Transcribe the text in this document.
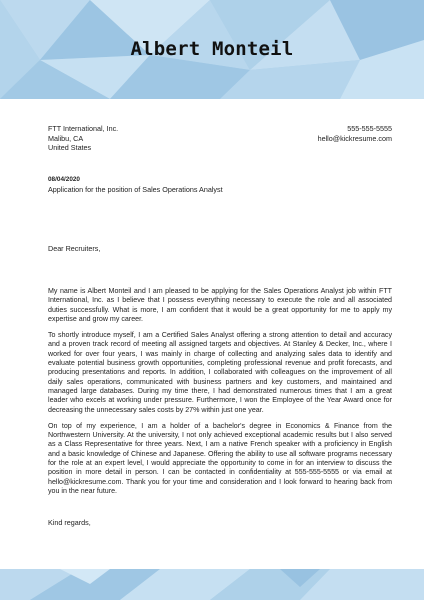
Albert Monteil
FTT International, Inc.
Malibu, CA
United States
555-555-5555
hello@kickresume.com
08/04/2020
Application for the position of Sales Operations Analyst
Dear Recruiters,

My name is Albert Monteil and I am pleased to be applying for the Sales Operations Analyst job within FTT International, Inc. as I believe that I possess everything necessary to execute the role and all associated duties successfully. What is more, I am confident that it would be a great opportunity for me to apply my expertise and grow my career.

To shortly introduce myself, I am a Certified Sales Analyst offering a strong attention to detail and accuracy and a proven track record of meeting all assigned targets and objectives. At Stanley & Decker, Inc., where I worked for over four years, I was mainly in charge of collecting and analyzing sales data to identify and evaluate potential business growth opportunities, completing professional revenue and profit forecasts, and producing presentations and reports. In addition, I collaborated with colleagues on the improvement of all daily sales operations, communicated with business partners and key customers, and maintained and managed large databases. During my time there, I had demonstrated numerous times that I am a great leader who excels at working under pressure. Furthermore, I won the Employee of the Year Award once for decreasing the unnecessary sales costs by 27% within just one year.

On top of my experience, I am a holder of a bachelor's degree in Economics & Finance from the Northwestern University. At the university, I not only achieved exceptional academic results but I also served as a Class Representative for three years. Next, I am a native French speaker with a proficiency in English and a basic knowledge of Chinese and Japanese. Offering the ability to use all software programs necessary for the role at an expert level, I would appreciate the opportunity to come in for an interview to discuss the position in more detail in person. I can be contacted in confidentiality at 555-555-5555 or via email at hello@kickresume.com. Thank you for your time and consideration and I look forward to hearing back from you in the near future.

Kind regards,
